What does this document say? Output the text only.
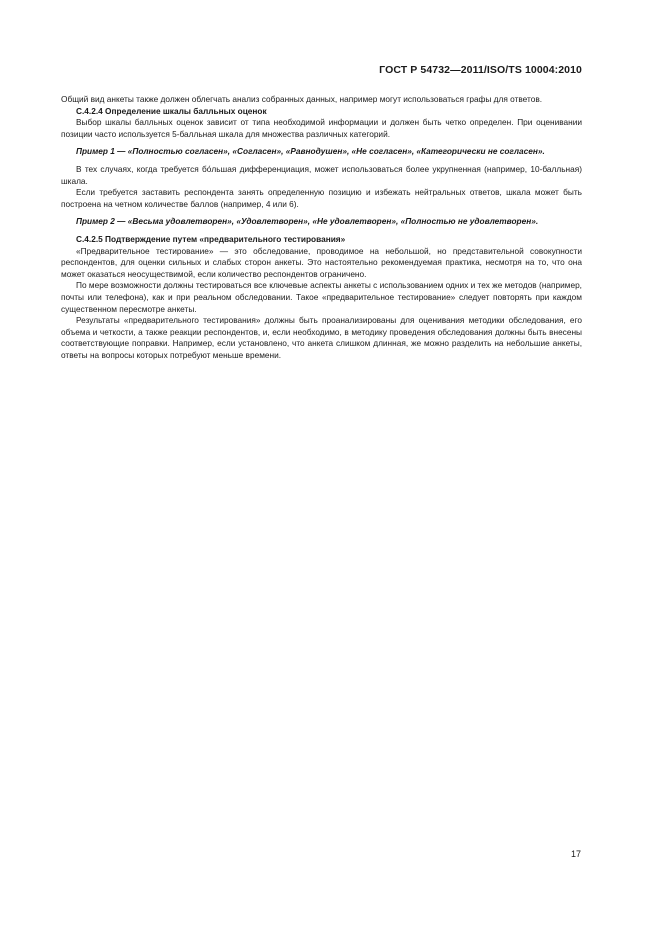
ГОСТ Р 54732—2011/ISO/TS 10004:2010

Общий вид анкеты также должен облегчать анализ собранных данных, например могут использоваться графы для ответов.

С.4.2.4 Определение шкалы балльных оценок

Выбор шкалы балльных оценок зависит от типа необходимой информации и должен быть четко определен. При оценивании позиции часто используется 5-балльная шкала для множества различных категорий.

Пример 1 — «Полностью согласен», «Согласен», «Равнодушен», «Не согласен», «Категорически не согласен».

В тех случаях, когда требуется бо́льшая дифференциация, может использоваться более укрупненная (например, 10-балльная) шкала.

Если требуется заставить респондента занять определенную позицию и избежать нейтральных ответов, шкала может быть построена на четном количестве баллов (например, 4 или 6).

Пример 2 — «Весьма удовлетворен», «Удовлетворен», «Не удовлетворен», «Полностью не удовлетворен».

С.4.2.5 Подтверждение путем «предварительного тестирования»

«Предварительное тестирование» — это обследование, проводимое на небольшой, но представительной совокупности респондентов, для оценки сильных и слабых сторон анкеты. Это настоятельно рекомендуемая практика, несмотря на то, что она может оказаться неосуществимой, если количество респондентов ограничено.

По мере возможности должны тестироваться все ключевые аспекты анкеты с использованием одних и тех же методов (например, почты или телефона), как и при реальном обследовании. Такое «предварительное тестирование» следует повторять при каждом существенном пересмотре анкеты.

Результаты «предварительного тестирования» должны быть проанализированы для оценивания методики обследования, его объема и четкости, а также реакции респондентов, и, если необходимо, в методику проведения обследования должны быть внесены соответствующие поправки. Например, если установлено, что анкета слишком длинная, же можно разделить на небольшие анкеты, ответы на вопросы которых потребуют меньше времени.

17
